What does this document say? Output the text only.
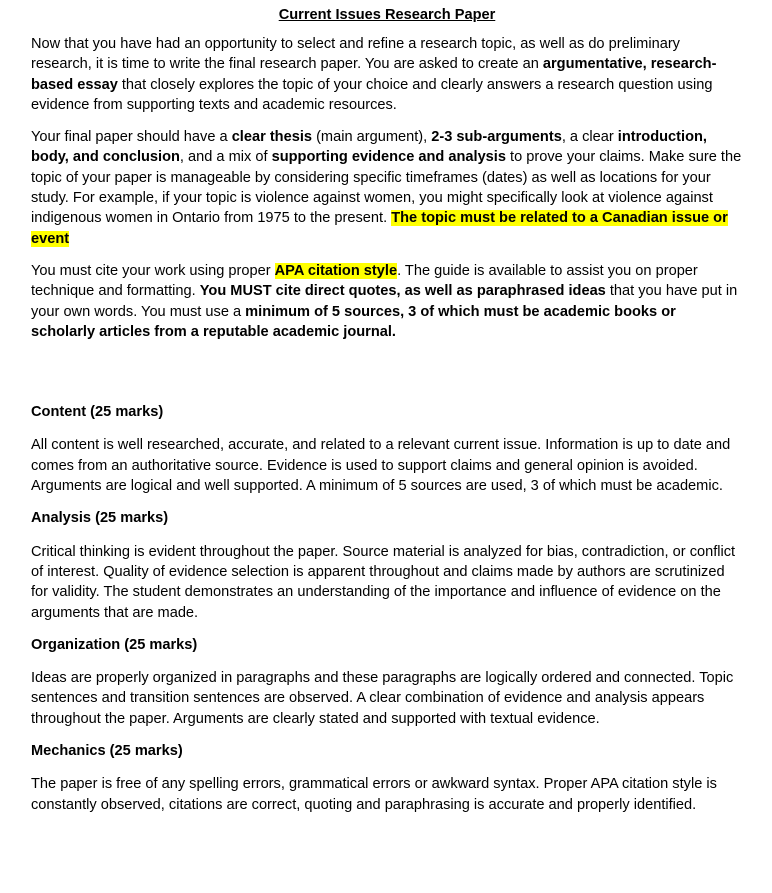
Current Issues Research Paper

Now that you have had an opportunity to select and refine a research topic, as well as do preliminary research, it is time to write the final research paper. You are asked to create an argumentative, research-based essay that closely explores the topic of your choice and clearly answers a research question using evidence from supporting texts and academic resources.

Your final paper should have a clear thesis (main argument), 2-3 sub-arguments, a clear introduction, body, and conclusion, and a mix of supporting evidence and analysis to prove your claims. Make sure the topic of your paper is manageable by considering specific timeframes (dates) as well as locations for your study. For example, if your topic is violence against women, you might specifically look at violence against indigenous women in Ontario from 1975 to the present. The topic must be related to a Canadian issue or event

You must cite your work using proper APA citation style. The guide is available to assist you on proper technique and formatting. You MUST cite direct quotes, as well as paraphrased ideas that you have put in your own words. You must use a minimum of 5 sources, 3 of which must be academic books or scholarly articles from a reputable academic journal.

Content (25 marks)

All content is well researched, accurate, and related to a relevant current issue. Information is up to date and comes from an authoritative source. Evidence is used to support claims and general opinion is avoided. Arguments are logical and well supported. A minimum of 5 sources are used, 3 of which must be academic.

Analysis (25 marks)

Critical thinking is evident throughout the paper. Source material is analyzed for bias, contradiction, or conflict of interest. Quality of evidence selection is apparent throughout and claims made by authors are scrutinized for validity. The student demonstrates an understanding of the importance and influence of evidence on the arguments that are made.

Organization (25 marks)

Ideas are properly organized in paragraphs and these paragraphs are logically ordered and connected. Topic sentences and transition sentences are observed. A clear combination of evidence and analysis appears throughout the paper. Arguments are clearly stated and supported with textual evidence.

Mechanics (25 marks)

The paper is free of any spelling errors, grammatical errors or awkward syntax. Proper APA citation style is constantly observed, citations are correct, quoting and paraphrasing is accurate and properly identified.
